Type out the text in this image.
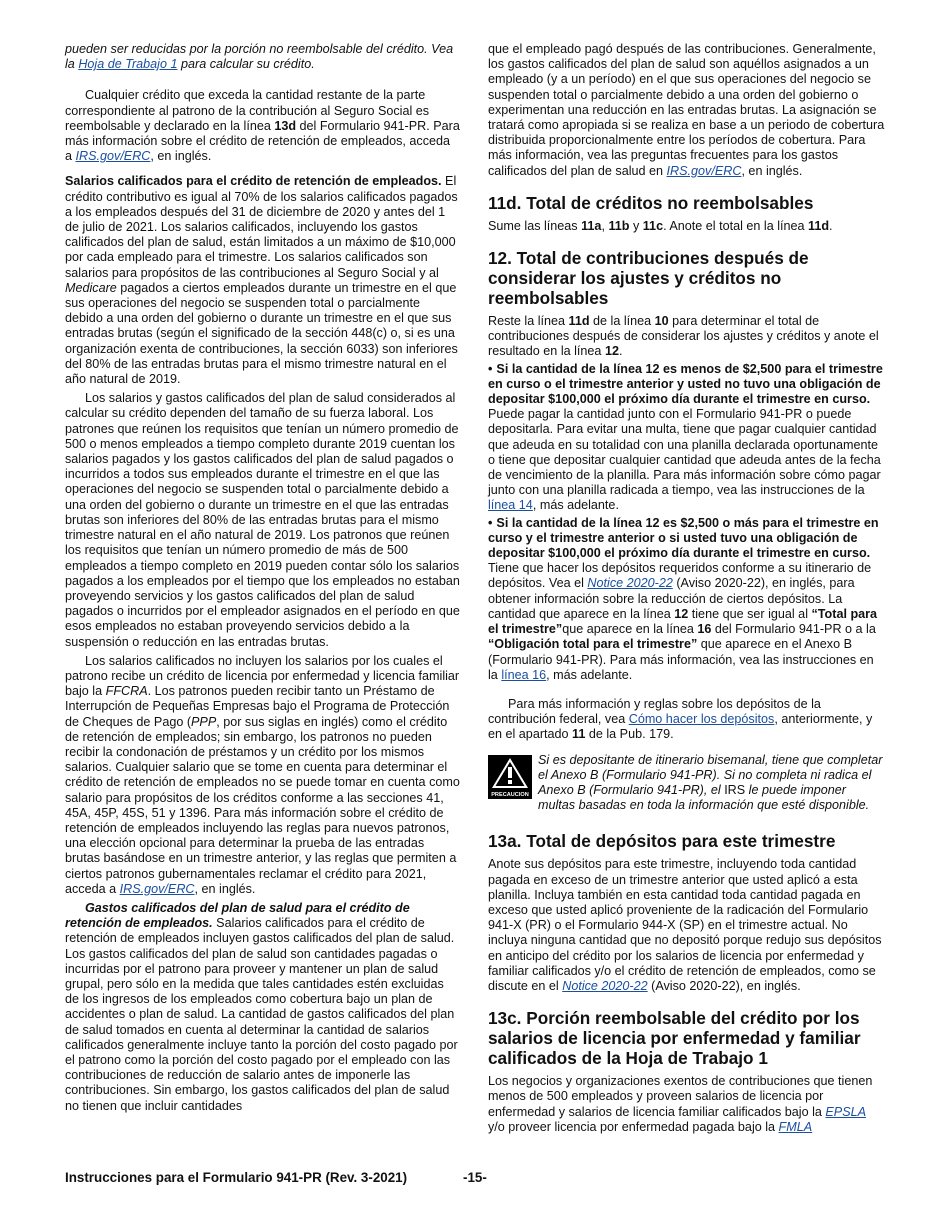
pueden ser reducidas por la porción no reembolsable del crédito. Vea la Hoja de Trabajo 1 para calcular su crédito.

Cualquier crédito que exceda la cantidad restante de la parte correspondiente al patrono de la contribución al Seguro Social es reembolsable y declarado en la línea 13d del Formulario 941-PR. Para más información sobre el crédito de retención de empleados, acceda a IRS.gov/ERC, en inglés.

Salarios calificados para el crédito de retención de empleados. El crédito contributivo es igual al 70% de los salarios calificados pagados a los empleados después del 31 de diciembre de 2020 y antes del 1 de julio de 2021. Los salarios calificados, incluyendo los gastos calificados del plan de salud, están limitados a un máximo de $10,000 por cada empleado para el trimestre. Los salarios calificados son salarios para propósitos de las contribuciones al Seguro Social y al Medicare pagados a ciertos empleados durante un trimestre en el que sus operaciones del negocio se suspenden total o parcialmente debido a una orden del gobierno o durante un trimestre en el que sus entradas brutas (según el significado de la sección 448(c) o, si es una organización exenta de contribuciones, la sección 6033) son inferiores del 80% de las entradas brutas para el mismo trimestre natural en el año natural de 2019.

Los salarios y gastos calificados del plan de salud considerados al calcular su crédito dependen del tamaño de su fuerza laboral. Los patrones que reúnen los requisitos que tenían un número promedio de 500 o menos empleados a tiempo completo durante 2019 cuentan los salarios pagados y los gastos calificados del plan de salud pagados o incurridos a todos sus empleados durante el trimestre en el que las operaciones del negocio se suspenden total o parcialmente debido a una orden del gobierno o durante un trimestre en el que las entradas brutas son inferiores del 80% de las entradas brutas para el mismo trimestre natural en el año natural de 2019. Los patronos que reúnen los requisitos que tenían un número promedio de más de 500 empleados a tiempo completo en 2019 pueden contar sólo los salarios pagados a los empleados por el tiempo que los empleados no estaban proveyendo servicios y los gastos calificados del plan de salud pagados o incurridos por el empleador asignados en el período en que esos empleados no estaban proveyendo servicios debido a la suspensión o reducción en las entradas brutas.

Los salarios calificados no incluyen los salarios por los cuales el patrono recibe un crédito de licencia por enfermedad y licencia familiar bajo la FFCRA. Los patronos pueden recibir tanto un Préstamo de Interrupción de Pequeñas Empresas bajo el Programa de Protección de Cheques de Pago (PPP, por sus siglas en inglés) como el crédito de retención de empleados; sin embargo, los patronos no pueden recibir la condonación de préstamos y un crédito por los mismos salarios. Cualquier salario que se tome en cuenta para determinar el crédito de retención de empleados no se puede tomar en cuenta como salario para propósitos de los créditos conforme a las secciones 41, 45A, 45P, 45S, 51 y 1396. Para más información sobre el crédito de retención de empleados incluyendo las reglas para nuevos patronos, una elección opcional para determinar la prueba de las entradas brutas basándose en un trimestre anterior, y las reglas que permiten a ciertos patronos gubernamentales reclamar el crédito para 2021, acceda a IRS.gov/ERC, en inglés.

Gastos calificados del plan de salud para el crédito de retención de empleados. Salarios calificados para el crédito de retención de empleados incluyen gastos calificados del plan de salud. Los gastos calificados del plan de salud son cantidades pagadas o incurridas por el patrono para proveer y mantener un plan de salud grupal, pero sólo en la medida que tales cantidades estén excluidas de los ingresos de los empleados como cobertura bajo un plan de accidentes o plan de salud. La cantidad de gastos calificados del plan de salud tomados en cuenta al determinar la cantidad de salarios calificados generalmente incluye tanto la porción del costo pagado por el patrono como la porción del costo pagado por el empleado con las contribuciones de reducción de salario antes de imponerle las contribuciones. Sin embargo, los gastos calificados del plan de salud no tienen que incluir cantidades

que el empleado pagó después de las contribuciones. Generalmente, los gastos calificados del plan de salud son aquéllos asignados a un empleado (y a un período) en el que sus operaciones del negocio se suspenden total o parcialmente debido a una orden del gobierno o experimentan una reducción en las entradas brutas. La asignación se tratará como apropiada si se realiza en base a un periodo de cobertura distribuida proporcionalmente entre los períodos de cobertura. Para más información, vea las preguntas frecuentes para los gastos calificados del plan de salud en IRS.gov/ERC, en inglés.

11d. Total de créditos no reembolsables

Sume las líneas 11a, 11b y 11c. Anote el total en la línea 11d.

12. Total de contribuciones después de considerar los ajustes y créditos no reembolsables

Reste la línea 11d de la línea 10 para determinar el total de contribuciones después de considerar los ajustes y créditos y anote el resultado en la línea 12.

• Si la cantidad de la línea 12 es menos de $2,500 para el trimestre en curso o el trimestre anterior y usted no tuvo una obligación de depositar $100,000 el próximo día durante el trimestre en curso. Puede pagar la cantidad junto con el Formulario 941-PR o puede depositarla. Para evitar una multa, tiene que pagar cualquier cantidad que adeuda en su totalidad con una planilla declarada oportunamente o tiene que depositar cualquier cantidad que adeuda antes de la fecha de vencimiento de la planilla. Para más información sobre cómo pagar junto con una planilla radicada a tiempo, vea las instrucciones de la línea 14, más adelante.

• Si la cantidad de la línea 12 es $2,500 o más para el trimestre en curso y el trimestre anterior o si usted tuvo una obligación de depositar $100,000 el próximo día durante el trimestre en curso. Tiene que hacer los depósitos requeridos conforme a su itinerario de depósitos. Vea el Notice 2020-22 (Aviso 2020-22), en inglés, para obtener información sobre la reducción de ciertos depósitos. La cantidad que aparece en la línea 12 tiene que ser igual al “Total para el trimestre”que aparece en la línea 16 del Formulario 941-PR o a la “Obligación total para el trimestre” que aparece en el Anexo B (Formulario 941-PR). Para más información, vea las instrucciones en la línea 16, más adelante.

Para más información y reglas sobre los depósitos de la contribución federal, vea Cómo hacer los depósitos, anteriormente, y en el apartado 11 de la Pub. 179.

PRECAUCION

Si es depositante de itinerario bisemanal, tiene que completar el Anexo B (Formulario 941-PR). Si no completa ni radica el Anexo B (Formulario 941-PR), el IRS le puede imponer multas basadas en toda la información que esté disponible.

13a. Total de depósitos para este trimestre

Anote sus depósitos para este trimestre, incluyendo toda cantidad pagada en exceso de un trimestre anterior que usted aplicó a esta planilla. Incluya también en esta cantidad toda cantidad pagada en exceso que usted aplicó proveniente de la radicación del Formulario 941-X (PR) o el Formulario 944-X (SP) en el trimestre actual. No incluya ninguna cantidad que no depositó porque redujo sus depósitos en anticipo del crédito por los salarios de licencia por enfermedad y familiar calificados y/o el crédito de retención de empleados, como se discute en el Notice 2020-22 (Aviso 2020-22), en inglés.

13c. Porción reembolsable del crédito por los salarios de licencia por enfermedad y familiar calificados de la Hoja de Trabajo 1

Los negocios y organizaciones exentos de contribuciones que tienen menos de 500 empleados y proveen salarios de licencia por enfermedad y salarios de licencia familiar calificados bajo la EPSLA y/o proveer licencia por enfermedad pagada bajo la FMLA

Instrucciones para el Formulario 941-PR (Rev. 3-2021)	-15-
